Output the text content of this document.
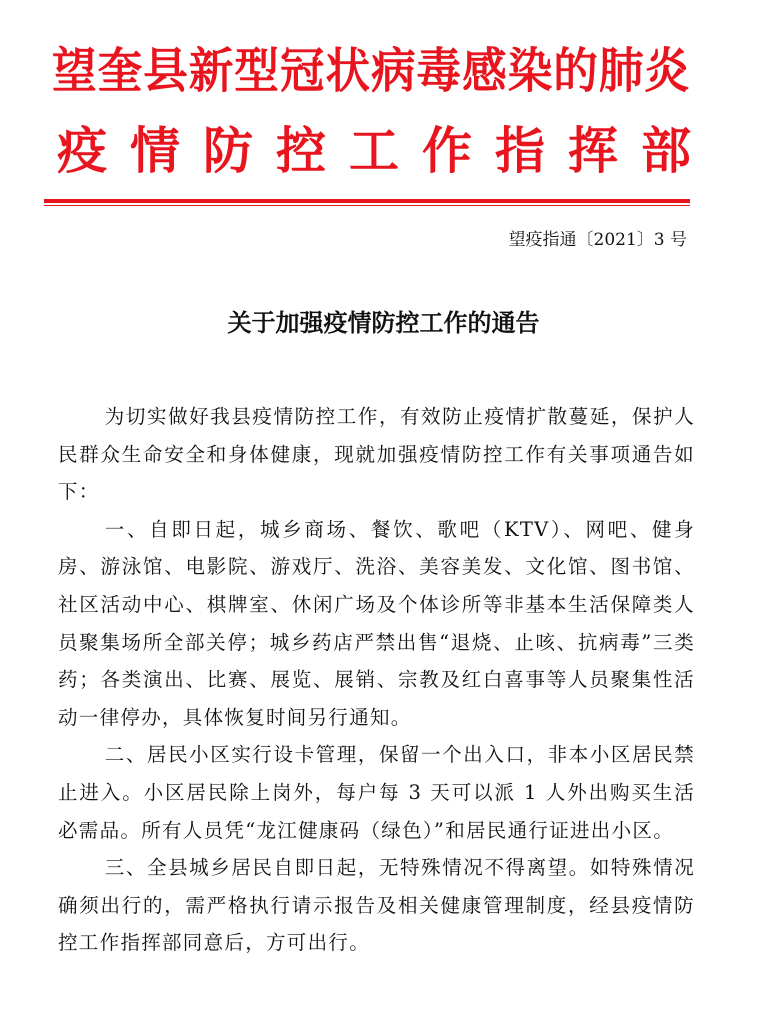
望奎县新型冠状病毒感染的肺炎
疫情防控工作指挥部
望疫指通〔2021〕3 号
关于加强疫情防控工作的通告

为切实做好我县疫情防控工作，有效防止疫情扩散蔓延，保护人民群众生命安全和身体健康，现就加强疫情防控工作有关事项通告如下：

一、自即日起，城乡商场、餐饮、歌吧（KTV）、网吧、健身房、游泳馆、电影院、游戏厅、洗浴、美容美发、文化馆、图书馆、社区活动中心、棋牌室、休闲广场及个体诊所等非基本生活保障类人员聚集场所全部关停；城乡药店严禁出售“退烧、止咳、抗病毒”三类药；各类演出、比赛、展览、展销、宗教及红白喜事等人员聚集性活动一律停办，具体恢复时间另行通知。

二、居民小区实行设卡管理，保留一个出入口，非本小区居民禁止进入。小区居民除上岗外，每户每 3 天可以派 1 人外出购买生活必需品。所有人员凭“龙江健康码（绿色）”和居民通行证进出小区。

三、全县城乡居民自即日起，无特殊情况不得离望。如特殊情况确须出行的，需严格执行请示报告及相关健康管理制度，经县疫情防控工作指挥部同意后，方可出行。
